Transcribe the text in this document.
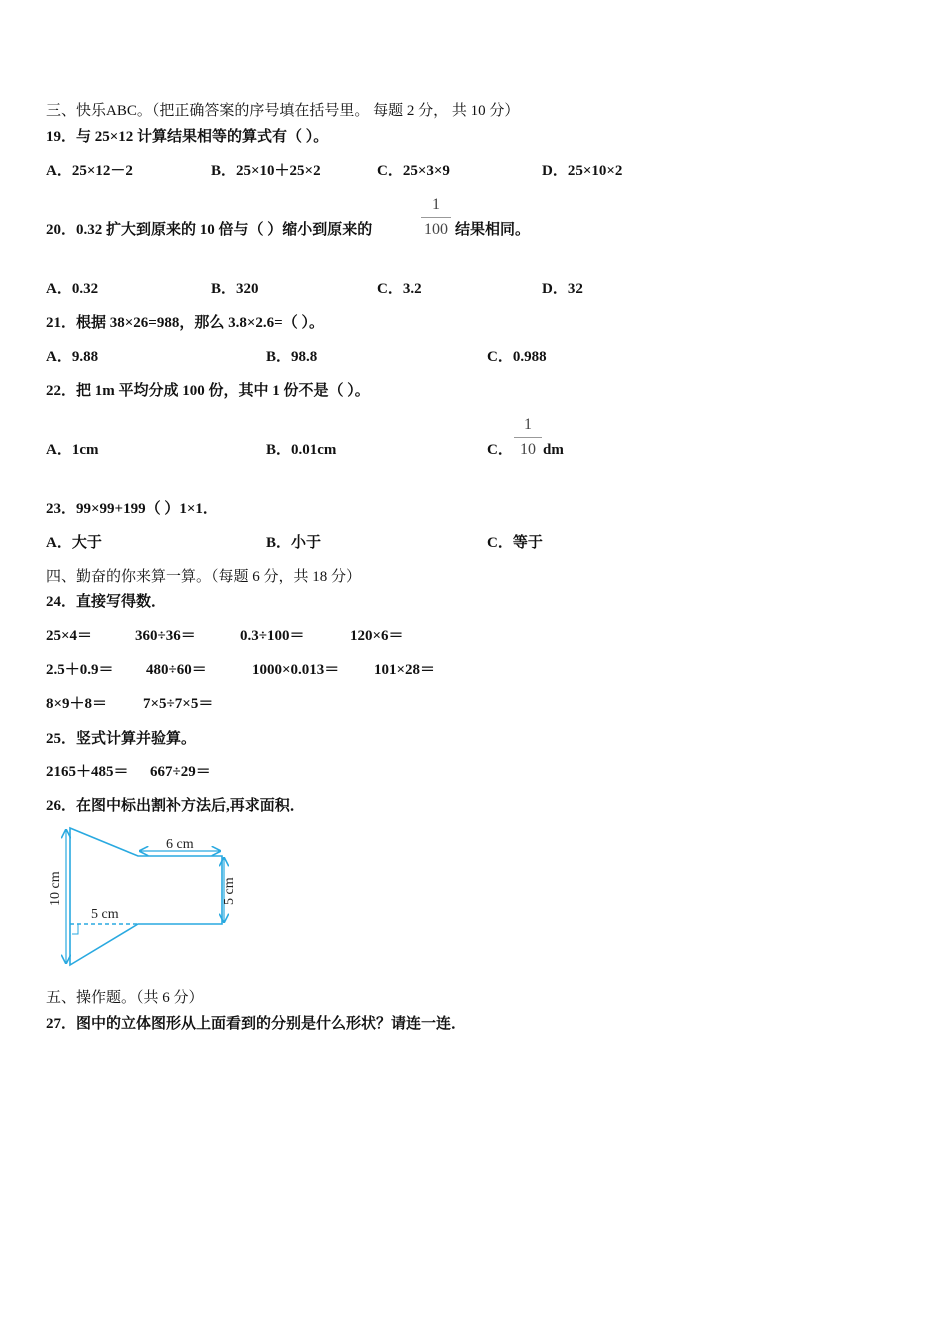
三、快乐ABC。（把正确答案的序号填在括号里。 每题 2 分， 共 10 分）
19．与 25×12 计算结果相等的算式有（ ）。
A．25×12－2	B．25×10＋25×2	C．25×3×9	D．25×10×2
20．0.32 扩大到原来的 10 倍与（ ）缩小到原来的
1
100 结果相同。
A．0.32	B．320	C．3.2	D．32
21．根据 38×26=988，那么 3.8×2.6=（ ）。
A．9.88	B．98.8	C．0.988
22．把 1m 平均分成 100 份，其中 1 份不是（ ）。
A．1cm	B．0.01cm	C．
1
10 dm
23．99×99+199（ ）1×1．
A．大于	B．小于	C．等于
四、勤奋的你来算一算。（每题 6 分，共 18 分）
24．直接写得数．
25×4＝	360÷36＝	0.3÷100＝	120×6＝
2.5＋0.9＝ 480÷60＝	1000×0.013＝ 101×28＝
8×9＋8＝ 7×5÷7×5＝
25．竖式计算并验算。
2165＋485＝ 667÷29＝
26．在图中标出割补方法后,再求面积．
10 cm
6 cm
5 cm
5 cm
五、操作题。（共 6 分）
27．图中的立体图形从上面看到的分别是什么形状？请连一连．
